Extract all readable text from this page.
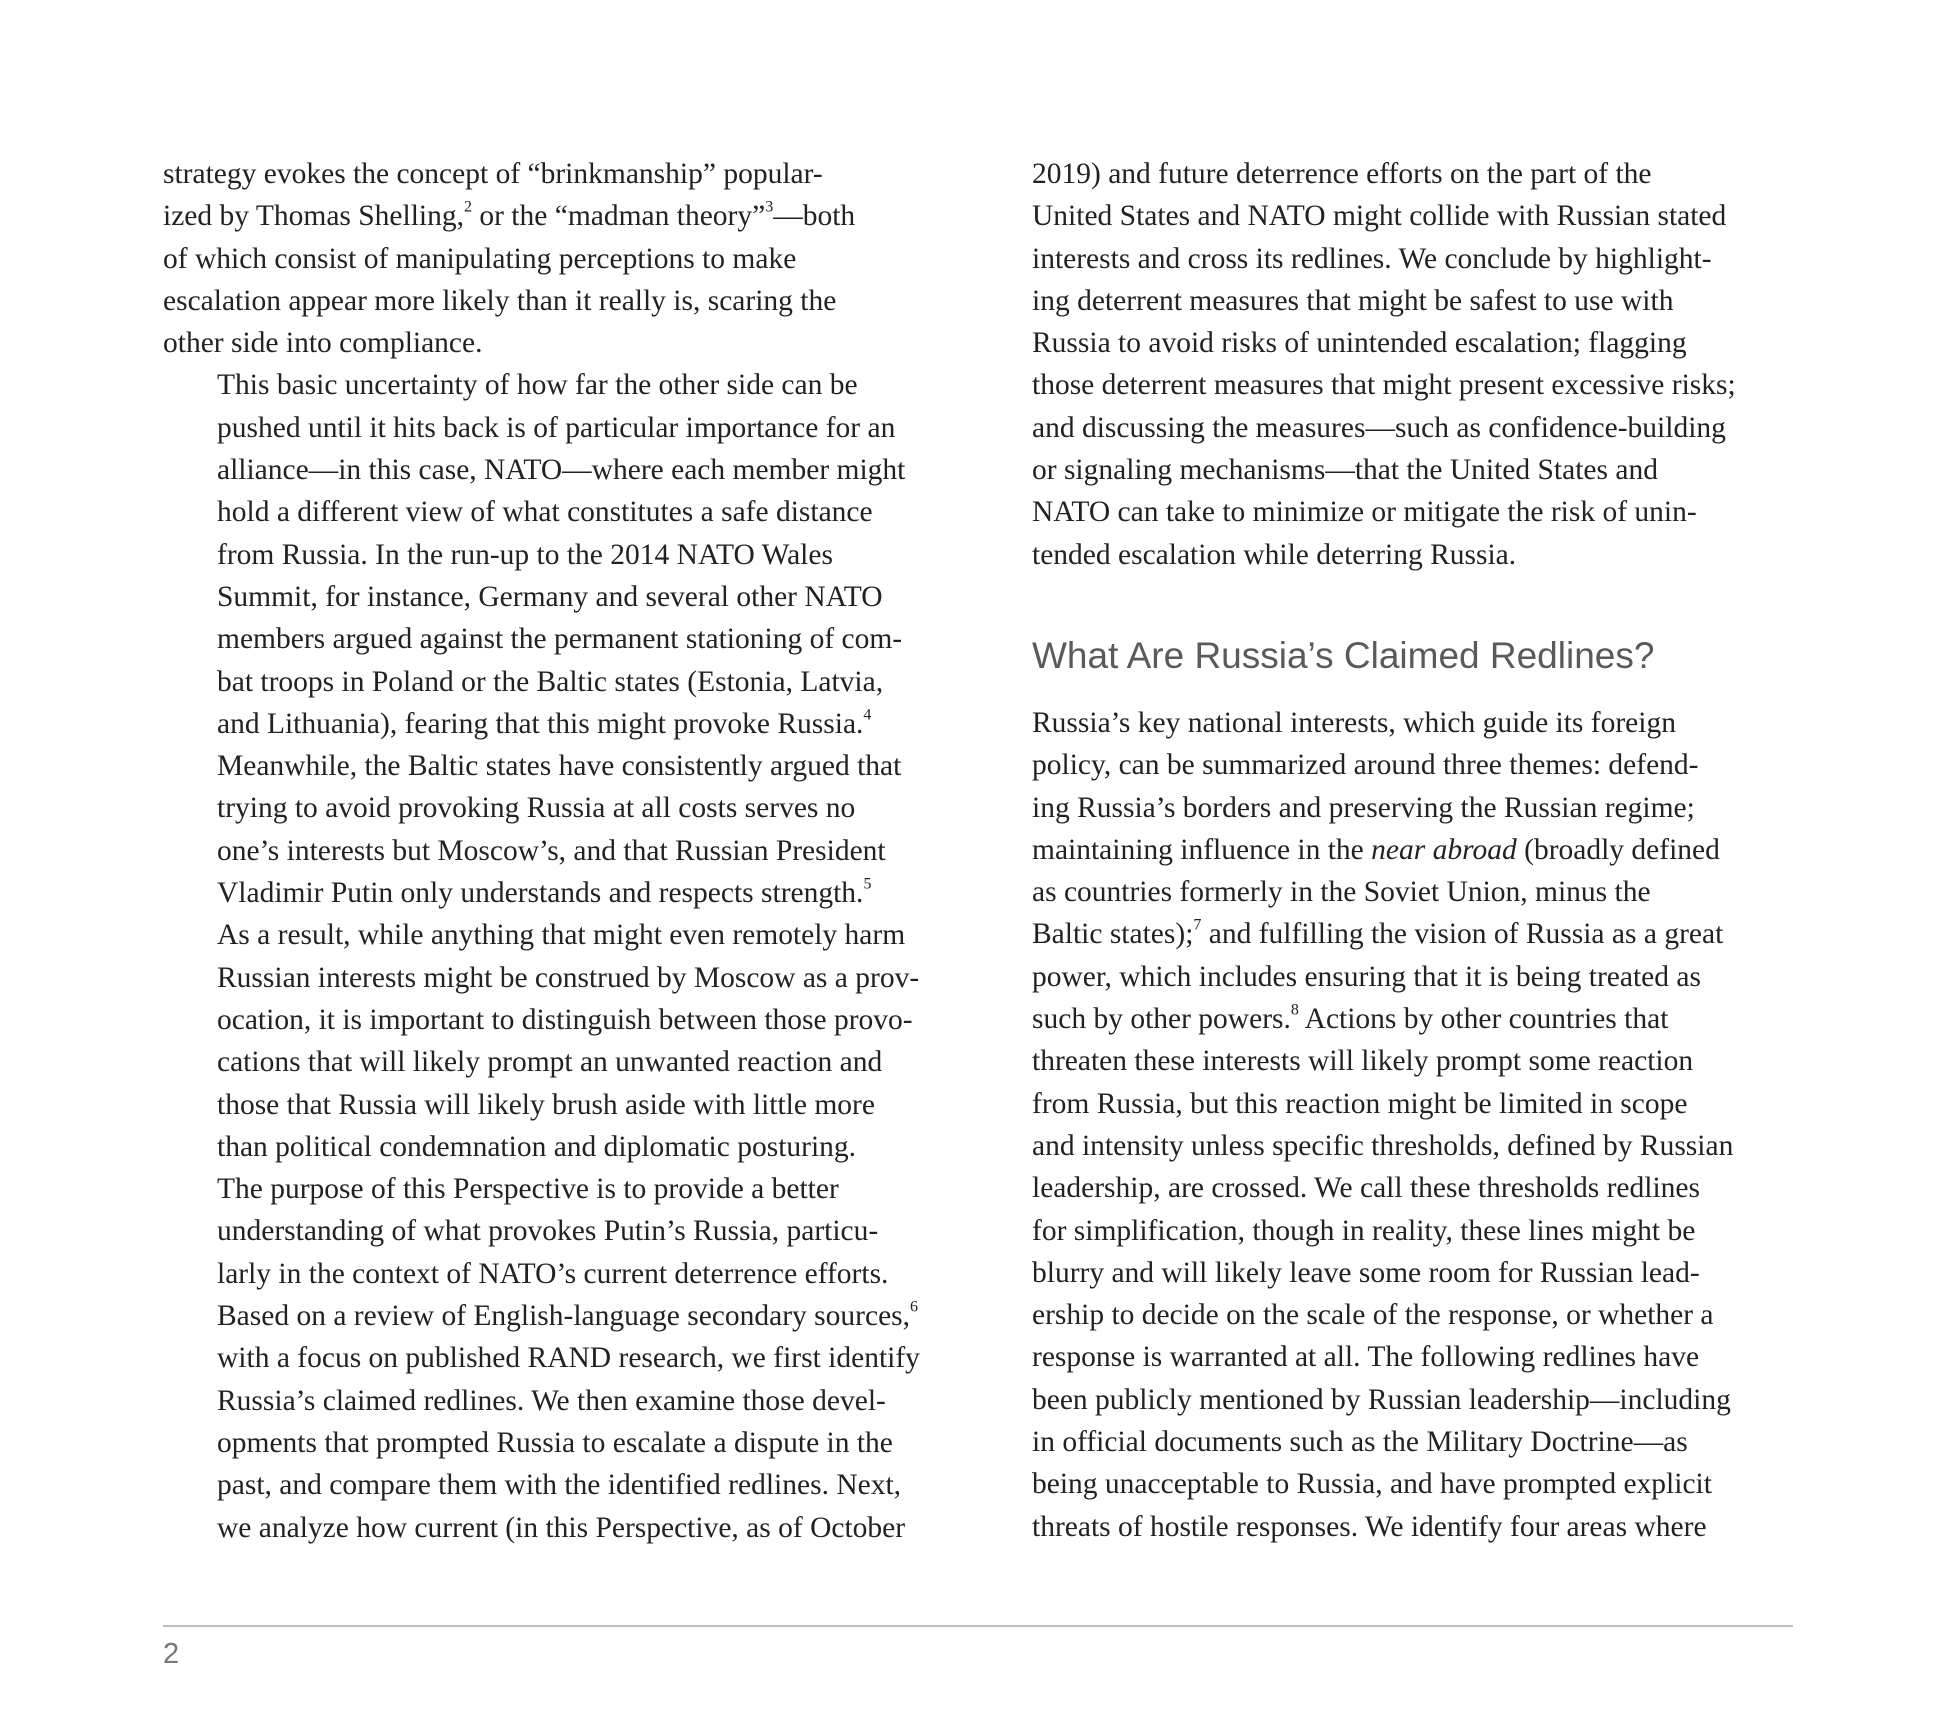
strategy evokes the concept of “brinkmanship” popular-
ized by Thomas Shelling,$^2$ or the “madman theory”$^3$—both
of which consist of manipulating perceptions to make
escalation appear more likely than it really is, scaring the
other side into compliance.

This basic uncertainty of how far the other side can be
pushed until it hits back is of particular importance for an
alliance—in this case, NATO—where each member might
hold a different view of what constitutes a safe distance
from Russia. In the run-up to the 2014 NATO Wales
Summit, for instance, Germany and several other NATO
members argued against the permanent stationing of com-
bat troops in Poland or the Baltic states (Estonia, Latvia,
and Lithuania), fearing that this might provoke Russia.$^4$
Meanwhile, the Baltic states have consistently argued that
trying to avoid provoking Russia at all costs serves no
one’s interests but Moscow’s, and that Russian President
Vladimir Putin only understands and respects strength.$^5$
As a result, while anything that might even remotely harm
Russian interests might be construed by Moscow as a prov-
ocation, it is important to distinguish between those provo-
cations that will likely prompt an unwanted reaction and
those that Russia will likely brush aside with little more
than political condemnation and diplomatic posturing.

The purpose of this Perspective is to provide a better
understanding of what provokes Putin’s Russia, particu-
larly in the context of NATO’s current deterrence efforts.
Based on a review of English-language secondary sources,$^6$
with a focus on published RAND research, we first identify
Russia’s claimed redlines. We then examine those devel-
opments that prompted Russia to escalate a dispute in the
past, and compare them with the identified redlines. Next,
we analyze how current (in this Perspective, as of October

2019) and future deterrence efforts on the part of the
United States and NATO might collide with Russian stated
interests and cross its redlines. We conclude by highlight-
ing deterrent measures that might be safest to use with
Russia to avoid risks of unintended escalation; flagging
those deterrent measures that might present excessive risks;
and discussing the measures—such as confidence-building
or signaling mechanisms—that the United States and
NATO can take to minimize or mitigate the risk of unin-
tended escalation while deterring Russia.

What Are Russia’s Claimed Redlines?

Russia’s key national interests, which guide its foreign
policy, can be summarized around three themes: defend-
ing Russia’s borders and preserving the Russian regime;
maintaining influence in the near abroad (broadly defined
as countries formerly in the Soviet Union, minus the
Baltic states);$^7$ and fulfilling the vision of Russia as a great
power, which includes ensuring that it is being treated as
such by other powers.$^8$ Actions by other countries that
threaten these interests will likely prompt some reaction
from Russia, but this reaction might be limited in scope
and intensity unless specific thresholds, defined by Russian
leadership, are crossed. We call these thresholds redlines
for simplification, though in reality, these lines might be
blurry and will likely leave some room for Russian lead-
ership to decide on the scale of the response, or whether a
response is warranted at all. The following redlines have
been publicly mentioned by Russian leadership—including
in official documents such as the Military Doctrine—as
being unacceptable to Russia, and have prompted explicit
threats of hostile responses. We identify four areas where

2
